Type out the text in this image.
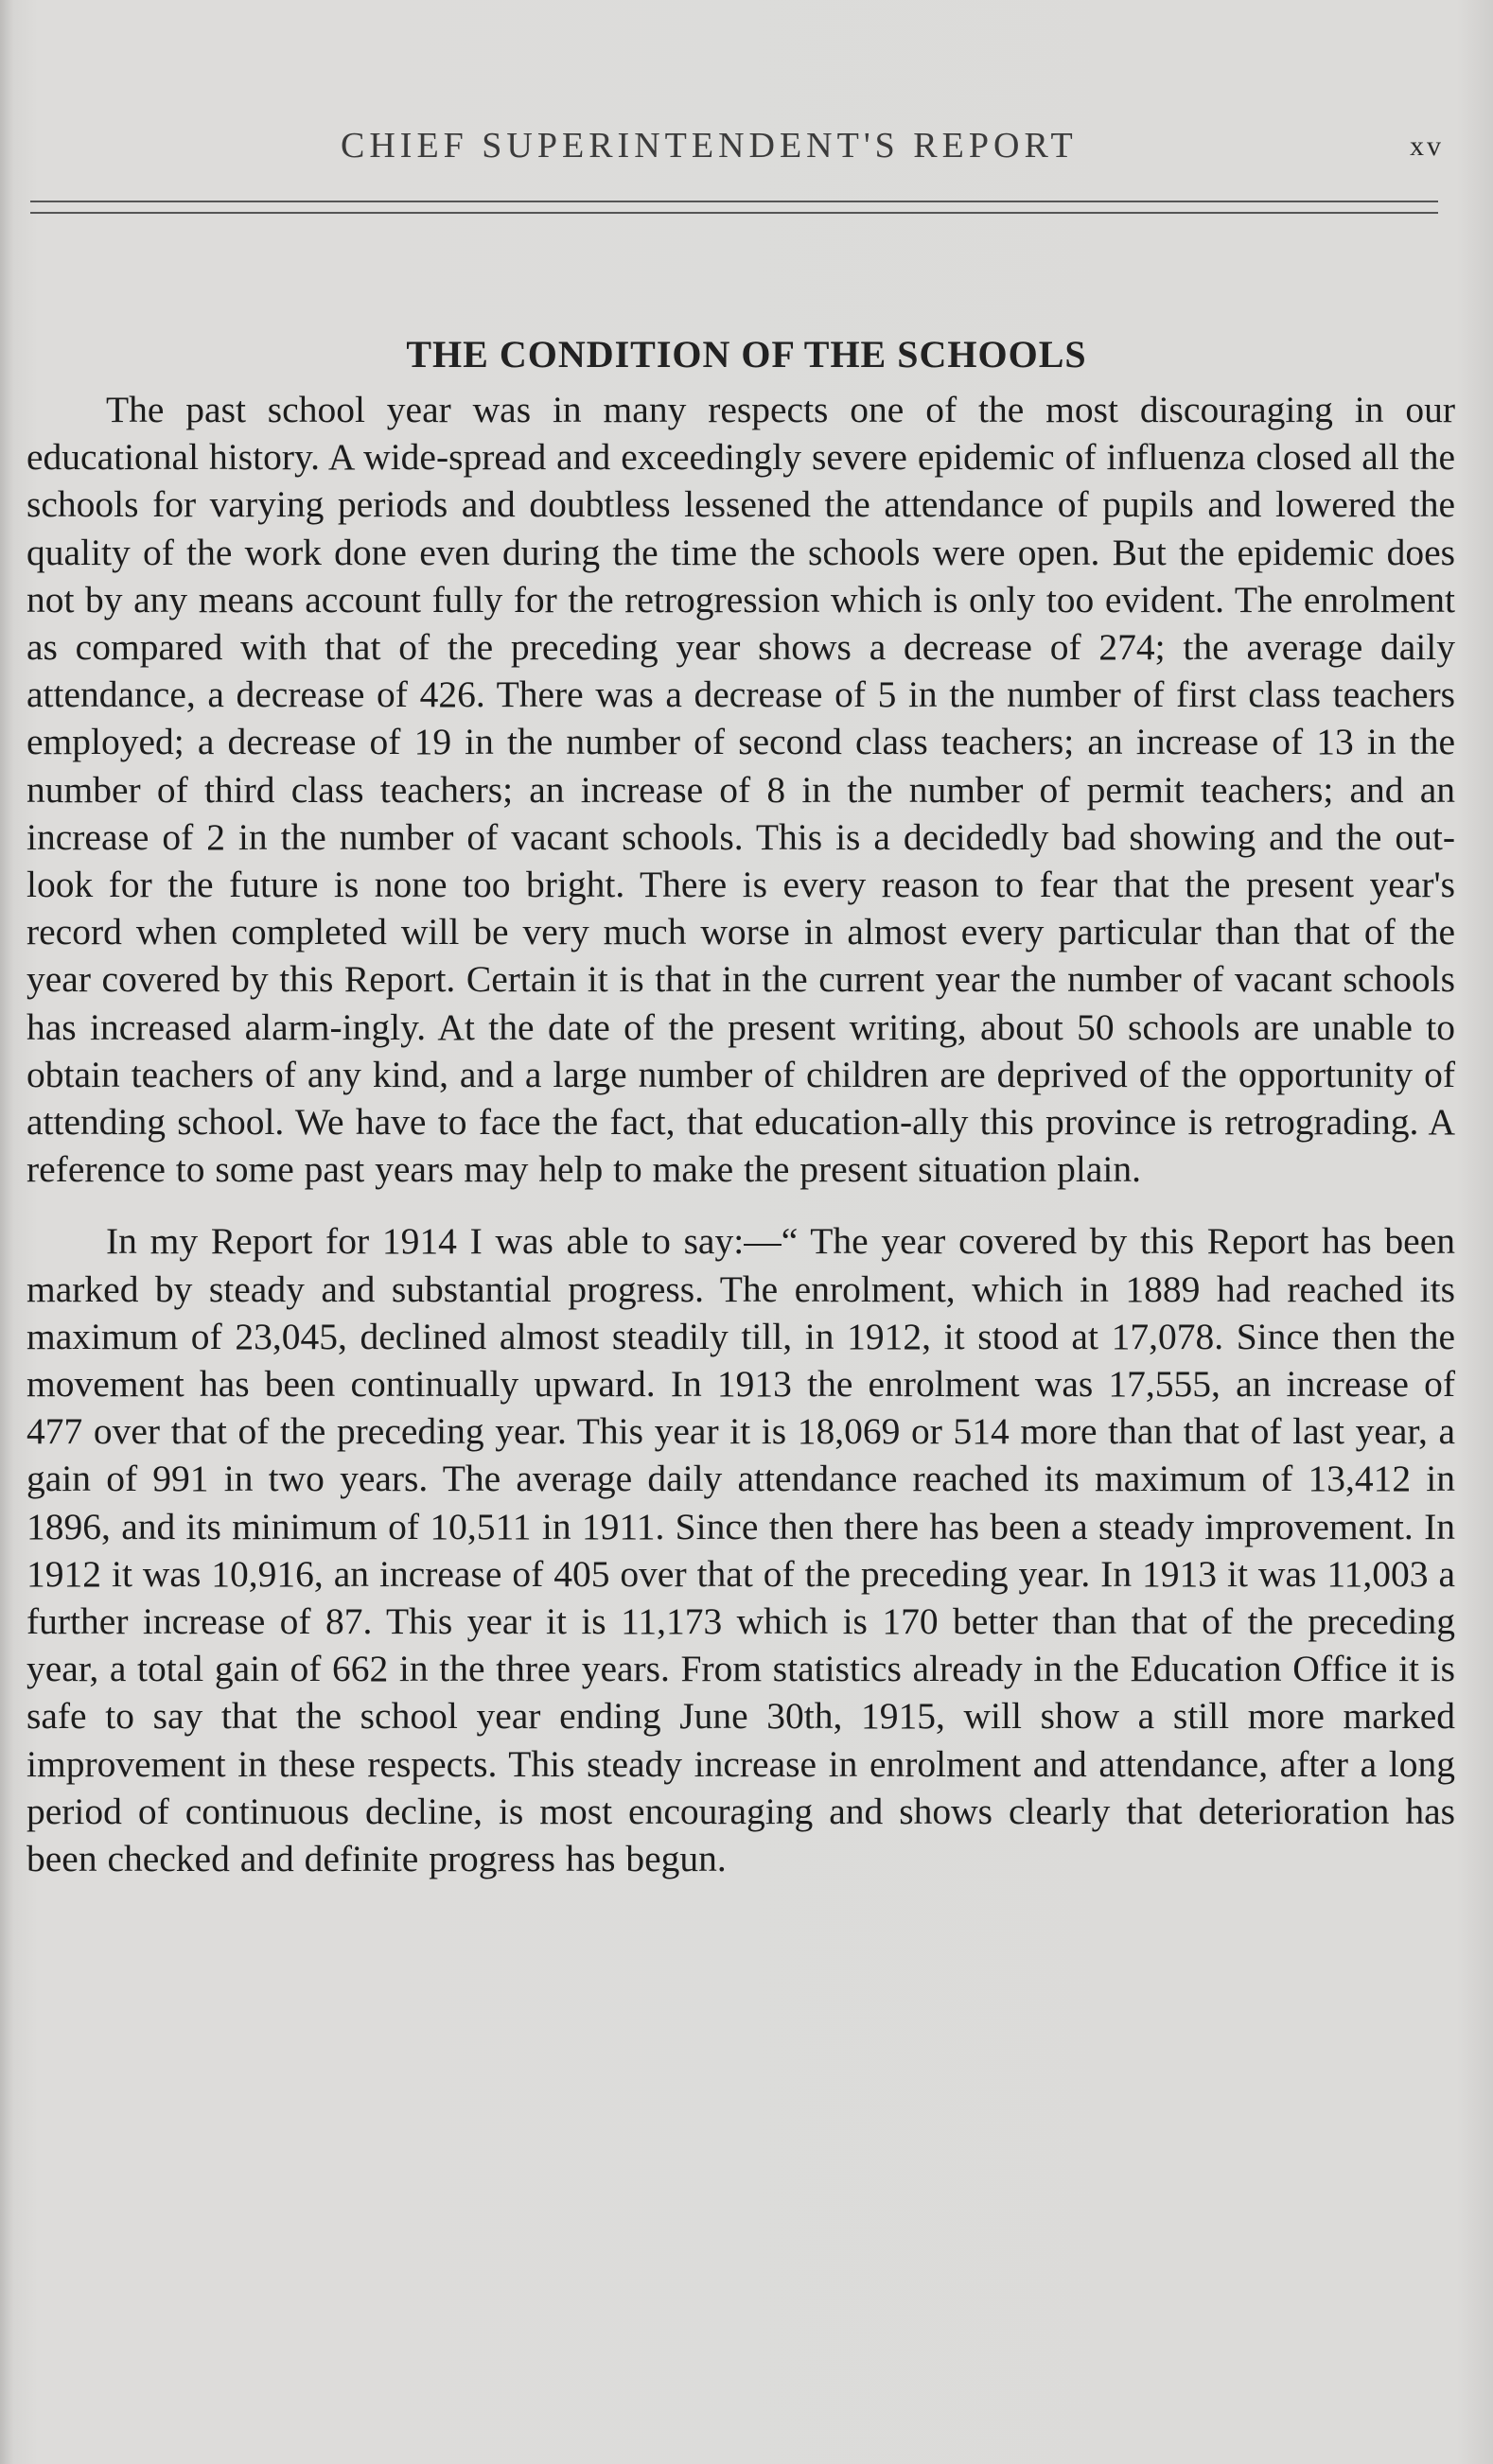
CHIEF SUPERINTENDENT'S REPORT	xv
THE CONDITION OF THE SCHOOLS

The past school year was in many respects one of the most discouraging in our educational history. A wide-spread and exceedingly severe epidemic of influenza closed all the schools for varying periods and doubtless lessened the attendance of pupils and lowered the quality of the work done even during the time the schools were open. But the epidemic does not by any means account fully for the retrogression which is only too evident. The enrolment as compared with that of the preceding year shows a decrease of 274; the average daily attendance, a decrease of 426. There was a decrease of 5 in the number of first class teachers employed; a decrease of 19 in the number of second class teachers; an increase of 13 in the number of third class teachers; an increase of 8 in the number of permit teachers; and an increase of 2 in the number of vacant schools. This is a decidedly bad showing and the out-look for the future is none too bright. There is every reason to fear that the present year's record when completed will be very much worse in almost every particular than that of the year covered by this Report. Certain it is that in the current year the number of vacant schools has increased alarm-ingly. At the date of the present writing, about 50 schools are unable to obtain teachers of any kind, and a large number of children are deprived of the opportunity of attending school. We have to face the fact, that education-ally this province is retrograding. A reference to some past years may help to make the present situation plain.

In my Report for 1914 I was able to say:—“ The year covered by this Report has been marked by steady and substantial progress. The enrolment, which in 1889 had reached its maximum of 23,045, declined almost steadily till, in 1912, it stood at 17,078. Since then the movement has been continually upward. In 1913 the enrolment was 17,555, an increase of 477 over that of the preceding year. This year it is 18,069 or 514 more than that of last year, a gain of 991 in two years. The average daily attendance reached its maximum of 13,412 in 1896, and its minimum of 10,511 in 1911. Since then there has been a steady improvement. In 1912 it was 10,916, an increase of 405 over that of the preceding year. In 1913 it was 11,003 a further increase of 87. This year it is 11,173 which is 170 better than that of the preceding year, a total gain of 662 in the three years. From statistics already in the Education Office it is safe to say that the school year ending June 30th, 1915, will show a still more marked improvement in these respects. This steady increase in enrolment and attendance, after a long period of continuous decline, is most encouraging and shows clearly that deterioration has been checked and definite progress has begun.
